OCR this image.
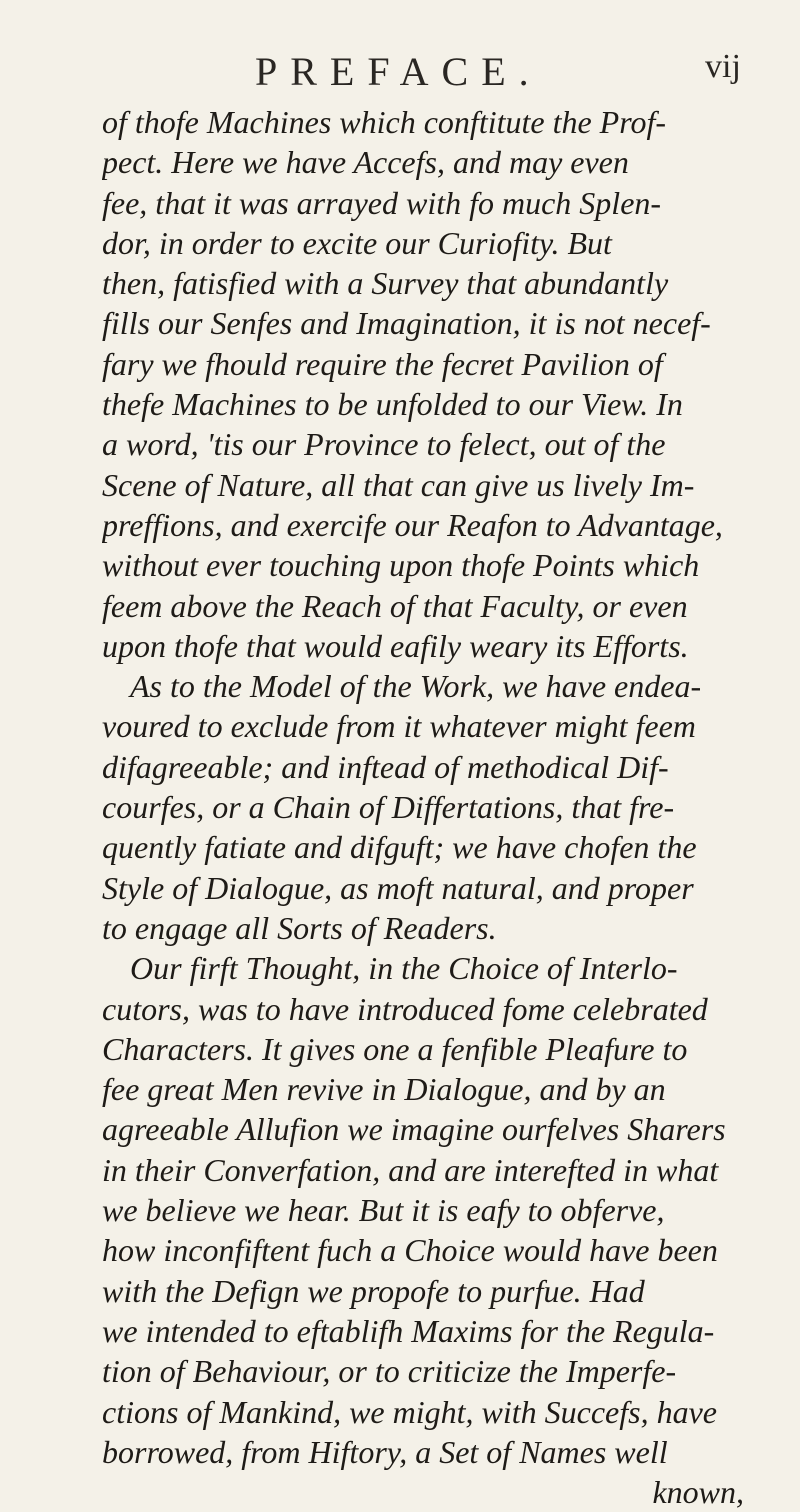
PREFACE.	vij
of thofe Machines which conftitute the Prof-
pect. Here we have Accefs, and may even
fee, that it was arrayed with fo much Splen-
dor, in order to excite our Curiofity. But
then, fatisfied with a Survey that abundantly
fills our Senfes and Imagination, it is not necef-
fary we fhould require the fecret Pavilion of
thefe Machines to be unfolded to our View. In
a word, 'tis our Province to felect, out of the
Scene of Nature, all that can give us lively Im-
preffions, and exercife our Reafon to Advantage,
without ever touching upon thofe Points which
feem above the Reach of that Faculty, or even
upon thofe that would eafily weary its Efforts.
As to the Model of the Work, we have endea-
voured to exclude from it whatever might feem
difagreeable; and inftead of methodical Dif-
courfes, or a Chain of Differtations, that fre-
quently fatiate and difguft; we have chofen the
Style of Dialogue, as moft natural, and proper
to engage all Sorts of Readers.
Our firft Thought, in the Choice of Interlo-
cutors, was to have introduced fome celebrated
Characters. It gives one a fenfible Pleafure to
fee great Men revive in Dialogue, and by an
agreeable Allufion we imagine ourfelves Sharers
in their Converfation, and are interefted in what
we believe we hear. But it is eafy to obferve,
how inconfiftent fuch a Choice would have been
with the Defign we propofe to purfue. Had
we intended to eftablifh Maxims for the Regula-
tion of Behaviour, or to criticize the Imperfe-
ctions of Mankind, we might, with Succefs, have
borrowed, from Hiftory, a Set of Names well
known,
